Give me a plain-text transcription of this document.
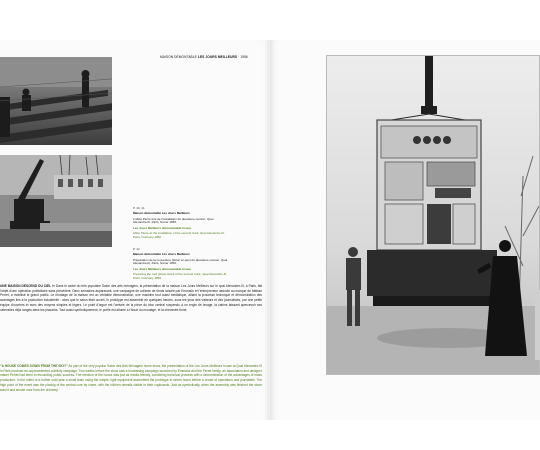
MAISON DÉMONTABLE LES JOURS MEILLEURS · 1956

P. 40, 41

Maison démontable Les Jours Meilleurs

L'abbé Pierre lors de l'installation du deuxième camion, Quai Alexandre-III, Paris, février 1956.

Les Jours Meilleurs dismountable house

Abbé Pierre at the installation of the second truck, Quai Alexandre-III, Paris, February 1956.

P. 42

Maison démontable Les Jours Meilleurs

Préparation de la couverture (béton ar-pan) du deuxième camion, Quai Alexandre-III, Paris, février 1956.

Les Jours Meilleurs dismountable house

Preparing the roof (sheet steel) of the second truck, Quai Alexandre-III, Paris, February 1956.

UNE MAISON DESCEND DU CIEL !» Dans le cadre du très populaire Salon des arts ménagers, la présentation de la maison Les Jours Meilleurs sur le quai Alexandre-III, à Paris, fait l'objet d'une opération publicitaire sans précédent. Deux semaines auparavant, une campagne de collecte de fonds lancée par Emmaüs et l'entrepreneur associé au marque de bâtisse Perret, a mobilisé le grand public. Le montage de la maison est un véritable démonstration, une machine tout aussi médiatique, alliant la prouesse technique et démonstration des avantages liés à la production industrielle : alors que le salon était ouvert, le prototype est assemblé en quelques heures, sous les yeux des visiteurs et des journalistes, par une petite équipe d'ouvriers et avec des moyens simples et légers. Le point d'orgue est l'arrivée de la pièce du bloc central suspendu à un engin de levage, la cabine laissant apercevoir ses ustensiles déjà rangés dans les placards. Tout aussi symboliquement, le poêle est allumé à l'issue du montage, et la cheminée fume.

“A HOUSE COMES DOWN FROM THE SKY!” As part of the very popular Salon des Arts Ménagers home show, the presentation of the Les Jours Meilleurs house at Quai Alexandre-III in Paris involved an unprecedented publicity campaign. Two weeks before the show saw a fundraising campaign launched by Emmaüs and the Perret family, an association and designer maker Perret had been a resounding public success. The erection of the house was just as media-friendly, combining technical prowess with a demonstration of the advantages of mass production. In the midst of a further cold year a small team using the simple, light equipment assembled the prototype in seven hours before a crowd of spectators and journalists. The high point of the event was the placing of the central core by crane, with the kitchen utensils visible in their cupboards. Just as symbolically, when the assembly was finished the stove was lit and smoke rose from the chimney.
